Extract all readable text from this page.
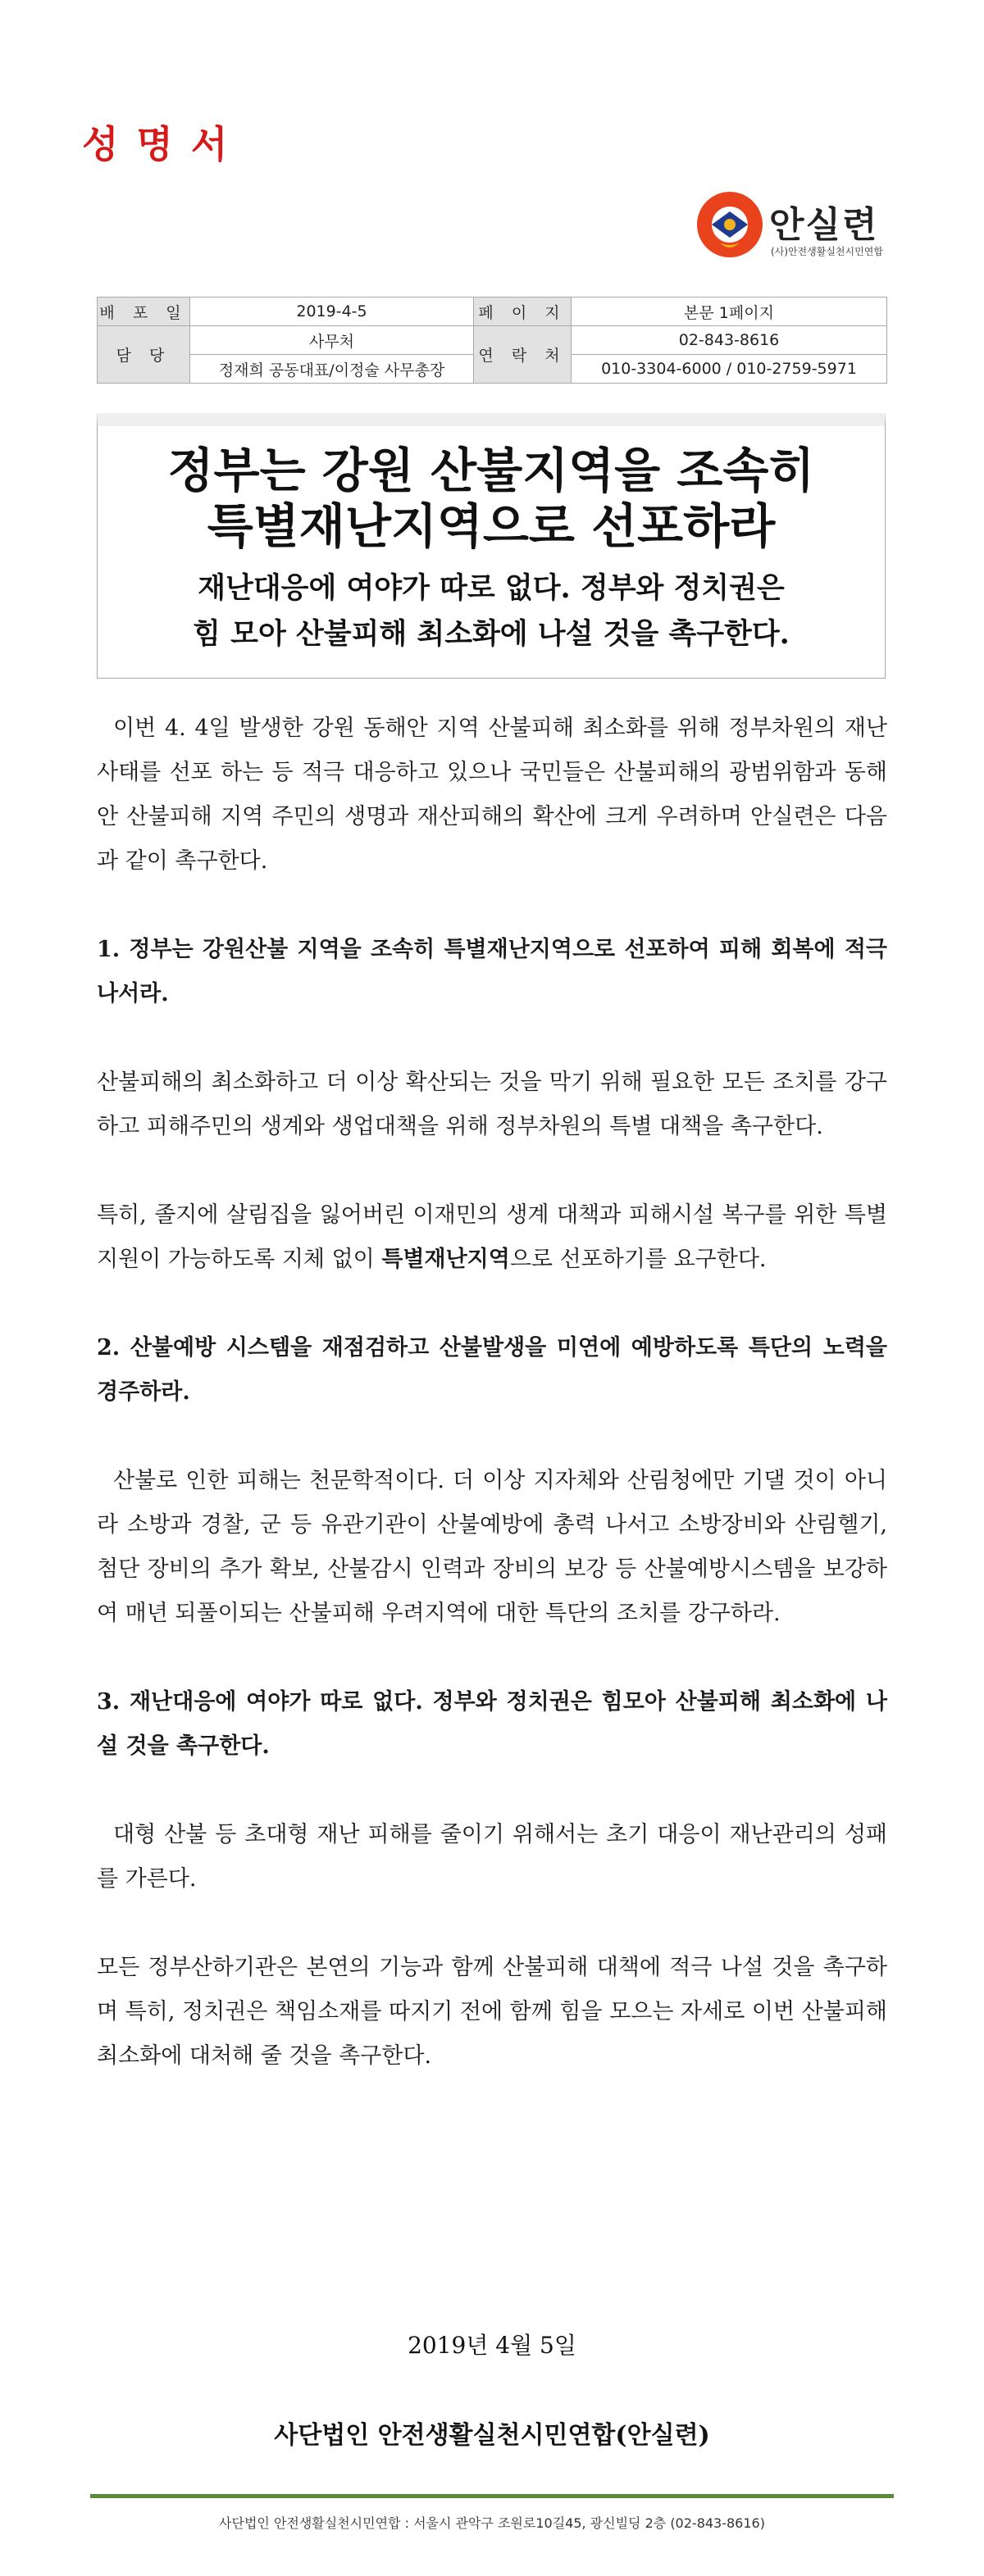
성명서
안실련
(사)안전생활실천시민연합
배 포 일	2019-4-5	페 이 지	본문 1페이지
담 당	사무처	연 락 처	02-843-8616
	정재희 공동대표/이정술 사무총장		010-3304-6000 / 010-2759-5971
정부는 강원 산불지역을 조속히
특별재난지역으로 선포하라
재난대응에 여야가 따로 없다. 정부와 정치권은
힘 모아 산불피해 최소화에 나설 것을 촉구한다.

이번 4. 4일 발생한 강원 동해안 지역 산불피해 최소화를 위해 정부차원의 재난사태를 선포 하는 등 적극 대응하고 있으나 국민들은 산불피해의 광범위함과 동해안 산불피해 지역 주민의 생명과 재산피해의 확산에 크게 우려하며 안실련은 다음과 같이 촉구한다.

1. 정부는 강원산불 지역을 조속히 특별재난지역으로 선포하여 피해 회복에 적극 나서라.

산불피해의 최소화하고 더 이상 확산되는 것을 막기 위해 필요한 모든 조치를 강구하고 피해주민의 생계와 생업대책을 위해 정부차원의 특별 대책을 촉구한다.

특히, 졸지에 살림집을 잃어버린 이재민의 생계 대책과 피해시설 복구를 위한 특별지원이 가능하도록 지체 없이 특별재난지역으로 선포하기를 요구한다.

2. 산불예방 시스템을 재점검하고 산불발생을 미연에 예방하도록 특단의 노력을 경주하라.

산불로 인한 피해는 천문학적이다. 더 이상 지자체와 산림청에만 기댈 것이 아니라 소방과 경찰, 군 등 유관기관이 산불예방에 총력 나서고 소방장비와 산림헬기, 첨단 장비의 추가 확보, 산불감시 인력과 장비의 보강 등 산불예방시스템을 보강하여 매년 되풀이되는 산불피해 우려지역에 대한 특단의 조치를 강구하라.

3. 재난대응에 여야가 따로 없다. 정부와 정치권은 힘모아 산불피해 최소화에 나설 것을 촉구한다.

대형 산불 등 초대형 재난 피해를 줄이기 위해서는 초기 대응이 재난관리의 성패를 가른다.

모든 정부산하기관은 본연의 기능과 함께 산불피해 대책에 적극 나설 것을 촉구하며 특히, 정치권은 책임소재를 따지기 전에 함께 힘을 모으는 자세로 이번 산불피해 최소화에 대처해 줄 것을 촉구한다.

2019년 4월 5일
사단법인 안전생활실천시민연합(안실련)
사단법인 안전생활실천시민연합 : 서울시 관악구 조원로10길45, 광신빌딩 2층 (02-843-8616)
